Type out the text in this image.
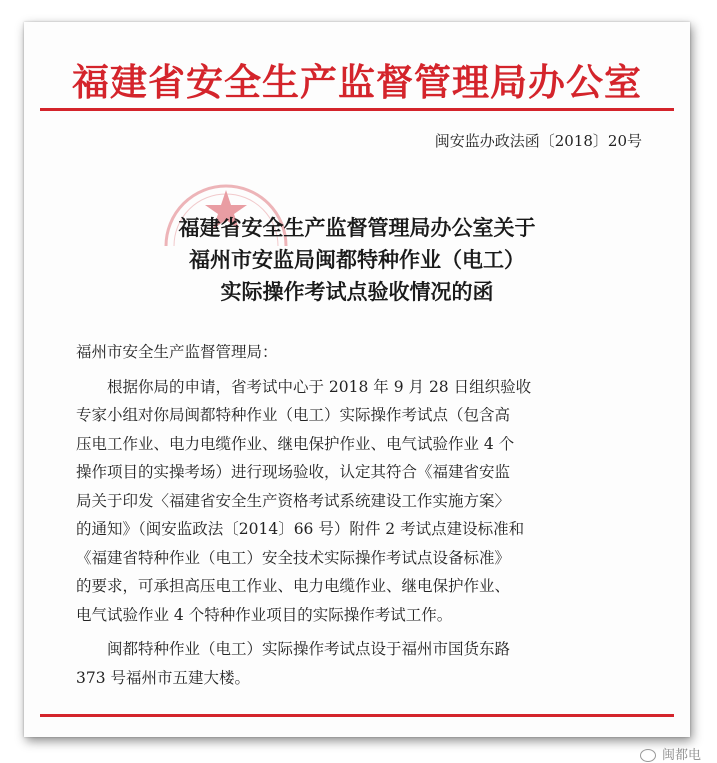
福建省安全生产监督管理局办公室
闽安监办政法函〔2018〕20号
福建省安全生产监督管理局办公室关于
福州市安监局闽都特种作业（电工）
实际操作考试点验收情况的函
福州市安全生产监督管理局：
根据你局的申请，省考试中心于 2018 年 9 月 28 日组织验收
专家小组对你局闽都特种作业（电工）实际操作考试点（包含高
压电工作业、电力电缆作业、继电保护作业、电气试验作业 4 个
操作项目的实操考场）进行现场验收，认定其符合《福建省安监
局关于印发〈福建省安全生产资格考试系统建设工作实施方案〉
的通知》（闽安监政法〔2014〕66 号）附件 2 考试点建设标准和
《福建省特种作业（电工）安全技术实际操作考试点设备标准》
的要求，可承担高压电工作业、电力电缆作业、继电保护作业、
电气试验作业 4 个特种作业项目的实际操作考试工作。
闽都特种作业（电工）实际操作考试点设于福州市国货东路
373 号福州市五建大楼。
闽都电
